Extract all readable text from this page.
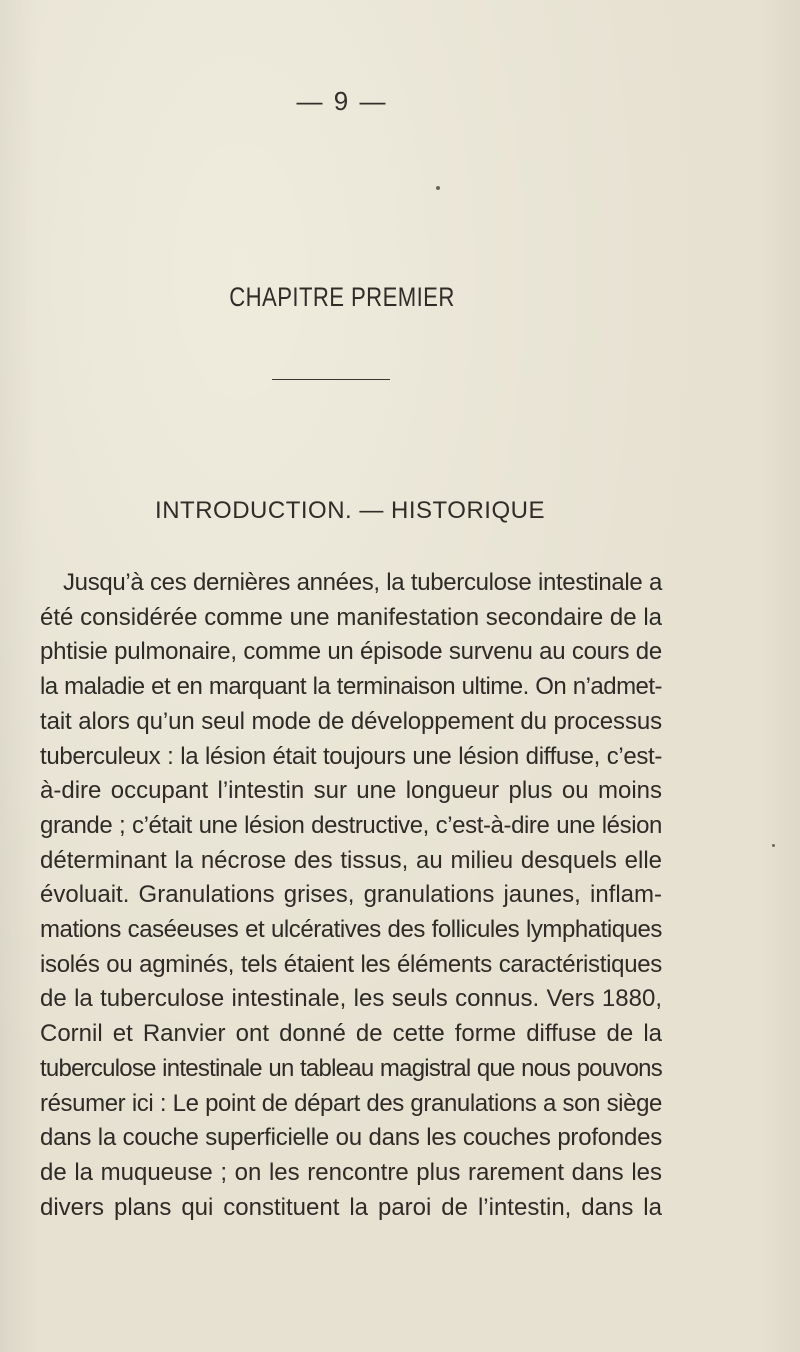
— 9 —
CHAPITRE PREMIER
INTRODUCTION. — HISTORIQUE
Jusqu’à ces dernières années, la tuberculose intestinale a
été considérée comme une manifestation secondaire de la
phtisie pulmonaire, comme un épisode survenu au cours de
la maladie et en marquant la terminaison ultime. On n’admet-
tait alors qu’un seul mode de développement du processus
tuberculeux : la lésion était toujours une lésion diffuse, c’est-
à-dire occupant l’intestin sur une longueur plus ou moins
grande ; c’était une lésion destructive, c’est-à-dire une lésion
déterminant la nécrose des tissus, au milieu desquels elle
évoluait. Granulations grises, granulations jaunes, inflam-
mations caséeuses et ulcératives des follicules lymphatiques
isolés ou agminés, tels étaient les éléments caractéristiques
de la tuberculose intestinale, les seuls connus. Vers 1880,
Cornil et Ranvier ont donné de cette forme diffuse de la
tuberculose intestinale un tableau magistral que nous pouvons
résumer ici : Le point de départ des granulations a son siège
dans la couche superficielle ou dans les couches profondes
de la muqueuse ; on les rencontre plus rarement dans les
divers plans qui constituent la paroi de l’intestin, dans la
